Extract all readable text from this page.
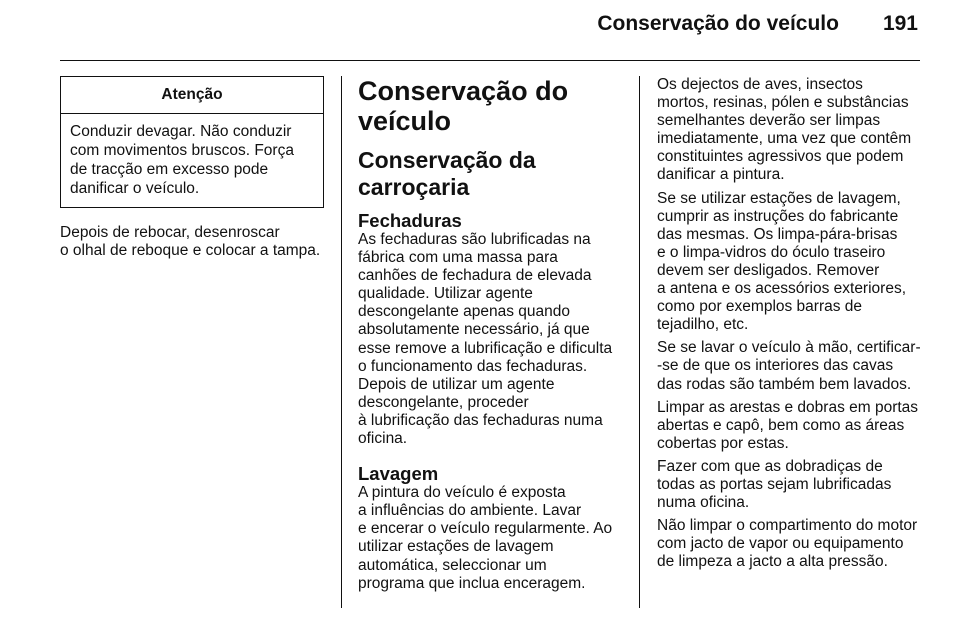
Conservação do veículo 191
Atenção
Conduzir devagar. Não conduzir
com movimentos bruscos. Força
de tracção em excesso pode
danificar o veículo.

Depois de rebocar, desenroscar
o olhal de reboque e colocar a tampa.

Conservação do
veículo
Conservação da
carroçaria
Fechaduras

As fechaduras são lubrificadas na
fábrica com uma massa para
canhões de fechadura de elevada
qualidade. Utilizar agente
descongelante apenas quando
absolutamente necessário, já que
esse remove a lubrificação e dificulta
o funcionamento das fechaduras.
Depois de utilizar um agente
descongelante, proceder
à lubrificação das fechaduras numa
oficina.

Lavagem

A pintura do veículo é exposta
a influências do ambiente. Lavar
e encerar o veículo regularmente. Ao
utilizar estações de lavagem
automática, seleccionar um
programa que inclua enceragem.

Os dejectos de aves, insectos
mortos, resinas, pólen e substâncias
semelhantes deverão ser limpas
imediatamente, uma vez que contêm
constituintes agressivos que podem
danificar a pintura.

Se se utilizar estações de lavagem,
cumprir as instruções do fabricante
das mesmas. Os limpa-pára-brisas
e o limpa-vidros do óculo traseiro
devem ser desligados. Remover
a antena e os acessórios exteriores,
como por exemplos barras de
tejadilho, etc.

Se se lavar o veículo à mão, certificar-
-se de que os interiores das cavas
das rodas são também bem lavados.

Limpar as arestas e dobras em portas
abertas e capô, bem como as áreas
cobertas por estas.

Fazer com que as dobradiças de
todas as portas sejam lubrificadas
numa oficina.

Não limpar o compartimento do motor
com jacto de vapor ou equipamento
de limpeza a jacto a alta pressão.
